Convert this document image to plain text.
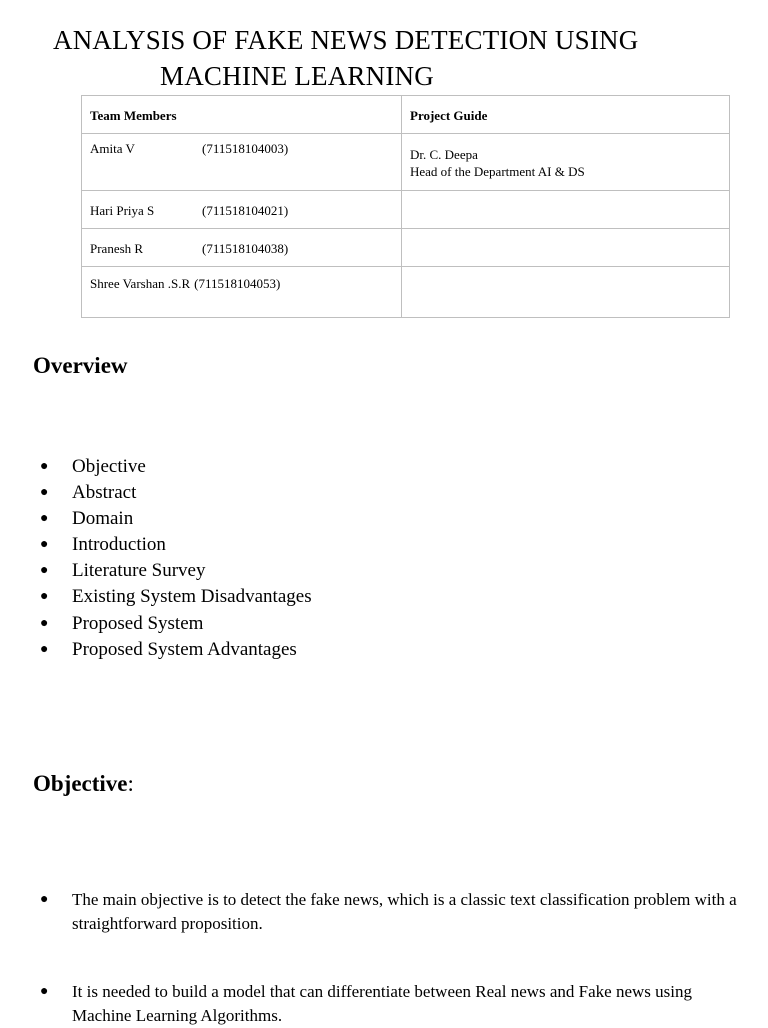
ANALYSIS OF FAKE NEWS DETECTION USING
MACHINE LEARNING
Team Members	Project Guide
Amita V (711518104003)	Dr. C. Deepa
Head of the Department AI & DS

Hari Priya S (711518104021)	
Pranesh R (711518104038)	
Shree Varshan .S.R (711518104053)	
Overview
● Objective
● Abstract
● Domain
● Introduction
● Literature Survey
● Existing System Disadvantages
● Proposed System
● Proposed System Advantages
Objective:
● The main objective is to detect the fake news, which is a classic text classification problem with a straightforward proposition.
● It is needed to build a model that can differentiate between Real news and Fake news using Machine Learning Algorithms.
